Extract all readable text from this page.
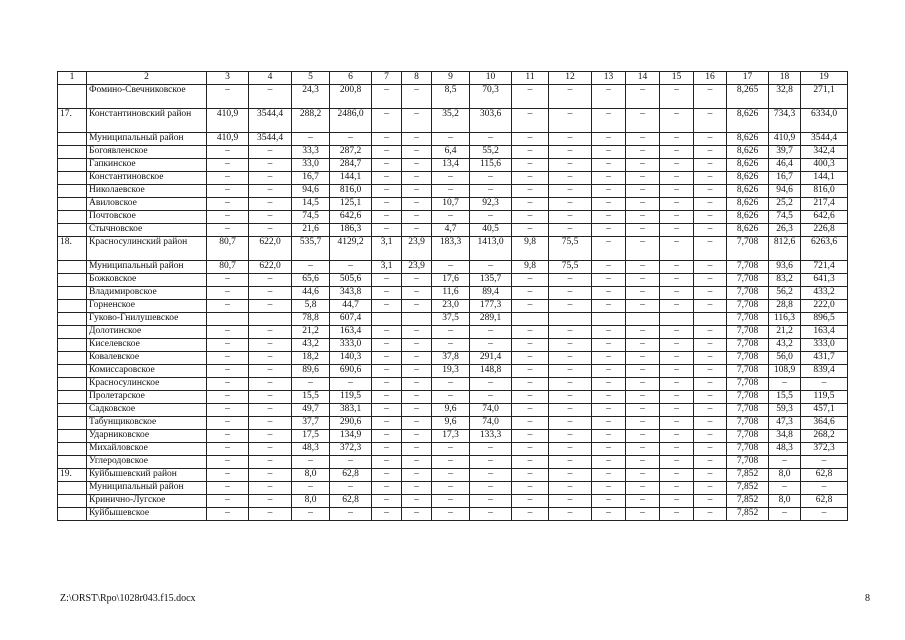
1	2	3	4	5	6	7	8	9	10	11	12	13	14	15	16	17	18	19
	Фомино-Свечниковское	–	–	24,3	200,8	–	–	8,5	70,3	–	–	–	–	–	–	8,265	32,8	271,1
17.	Константиновский район	410,9	3544,4	288,2	2486,0	–	–	35,2	303,6	–	–	–	–	–	–	8,626	734,3	6334,0
	Муниципальный район	410,9	3544,4	–	–	–	–	–	–	–	–	–	–	–	–	8,626	410,9	3544,4
	Богоявленское	–	–	33,3	287,2	–	–	6,4	55,2	–	–	–	–	–	–	8,626	39,7	342,4
	Гапкинское	–	–	33,0	284,7	–	–	13,4	115,6	–	–	–	–	–	–	8,626	46,4	400,3
	Константиновское	–	–	16,7	144,1	–	–	–	–	–	–	–	–	–	–	8,626	16,7	144,1
	Николаевское	–	–	94,6	816,0	–	–	–	–	–	–	–	–	–	–	8,626	94,6	816,0
	Авиловское	–	–	14,5	125,1	–	–	10,7	92,3	–	–	–	–	–	–	8,626	25,2	217,4
	Почтовское	–	–	74,5	642,6	–	–	–	–	–	–	–	–	–	–	8,626	74,5	642,6
	Стычновское	–	–	21,6	186,3	–	–	4,7	40,5	–	–	–	–	–	–	8,626	26,3	226,8
18.	Красносулинский район	80,7	622,0	535,7	4129,2	3,1	23,9	183,3	1413,0	9,8	75,5	–	–	–	–	7,708	812,6	6263,6
	Муниципальный район	80,7	622,0	–	–	3,1	23,9	–	–	9,8	75,5	–	–	–	–	7,708	93,6	721,4
	Божковское	–	–	65,6	505,6	–	–	17,6	135,7	–	–	–	–	–	–	7,708	83,2	641,3
	Владимировское	–	–	44,6	343,8	–	–	11,6	89,4	–	–	–	–	–	–	7,708	56,2	433,2
	Горненское	–	–	5,8	44,7	–	–	23,0	177,3	–	–	–	–	–	–	7,708	28,8	222,0
	Гуково-Гнилушевское			78,8	607,4			37,5	289,1							7,708	116,3	896,5
	Долотинское	–	–	21,2	163,4	–	–	–	–	–	–	–	–	–	–	7,708	21,2	163,4
	Киселевское	–	–	43,2	333,0	–	–	–	–	–	–	–	–	–	–	7,708	43,2	333,0
	Ковалевское	–	–	18,2	140,3	–	–	37,8	291,4	–	–	–	–	–	–	7,708	56,0	431,7
	Комиссаровское	–	–	89,6	690,6	–	–	19,3	148,8	–	–	–	–	–	–	7,708	108,9	839,4
	Красносулинское	–	–	–	–	–	–	–	–	–	–	–	–	–	–	7,708	–	–
	Пролетарское	–	–	15,5	119,5	–	–	–	–	–	–	–	–	–	–	7,708	15,5	119,5
	Садковское	–	–	49,7	383,1	–	–	9,6	74,0	–	–	–	–	–	–	7,708	59,3	457,1
	Табунщиковское	–	–	37,7	290,6	–	–	9,6	74,0	–	–	–	–	–	–	7,708	47,3	364,6
	Ударниковское	–	–	17,5	134,9	–	–	17,3	133,3	–	–	–	–	–	–	7,708	34,8	268,2
	Михайловское	–	–	48,3	372,3	–	–	–	–	–	–	–	–	–	–	7,708	48,3	372,3
	Углеродовское	–	–	–	–	–	–	–	–	–	–	–	–	–	–	7,708	–	–
19.	Куйбышевский район	–	–	8,0	62,8	–	–	–	–	–	–	–	–	–	–	7,852	8,0	62,8
	Муниципальный район	–	–	–	–	–	–	–	–	–	–	–	–	–	–	7,852	–	–
	Кринично-Лугское	–	–	8,0	62,8	–	–	–	–	–	–	–	–	–	–	7,852	8,0	62,8
	Куйбышевское	–	–	–	–	–	–	–	–	–	–	–	–	–	–	7,852	–	–
Z:\ORST\Rpo\1028r043.f15.docx	8
